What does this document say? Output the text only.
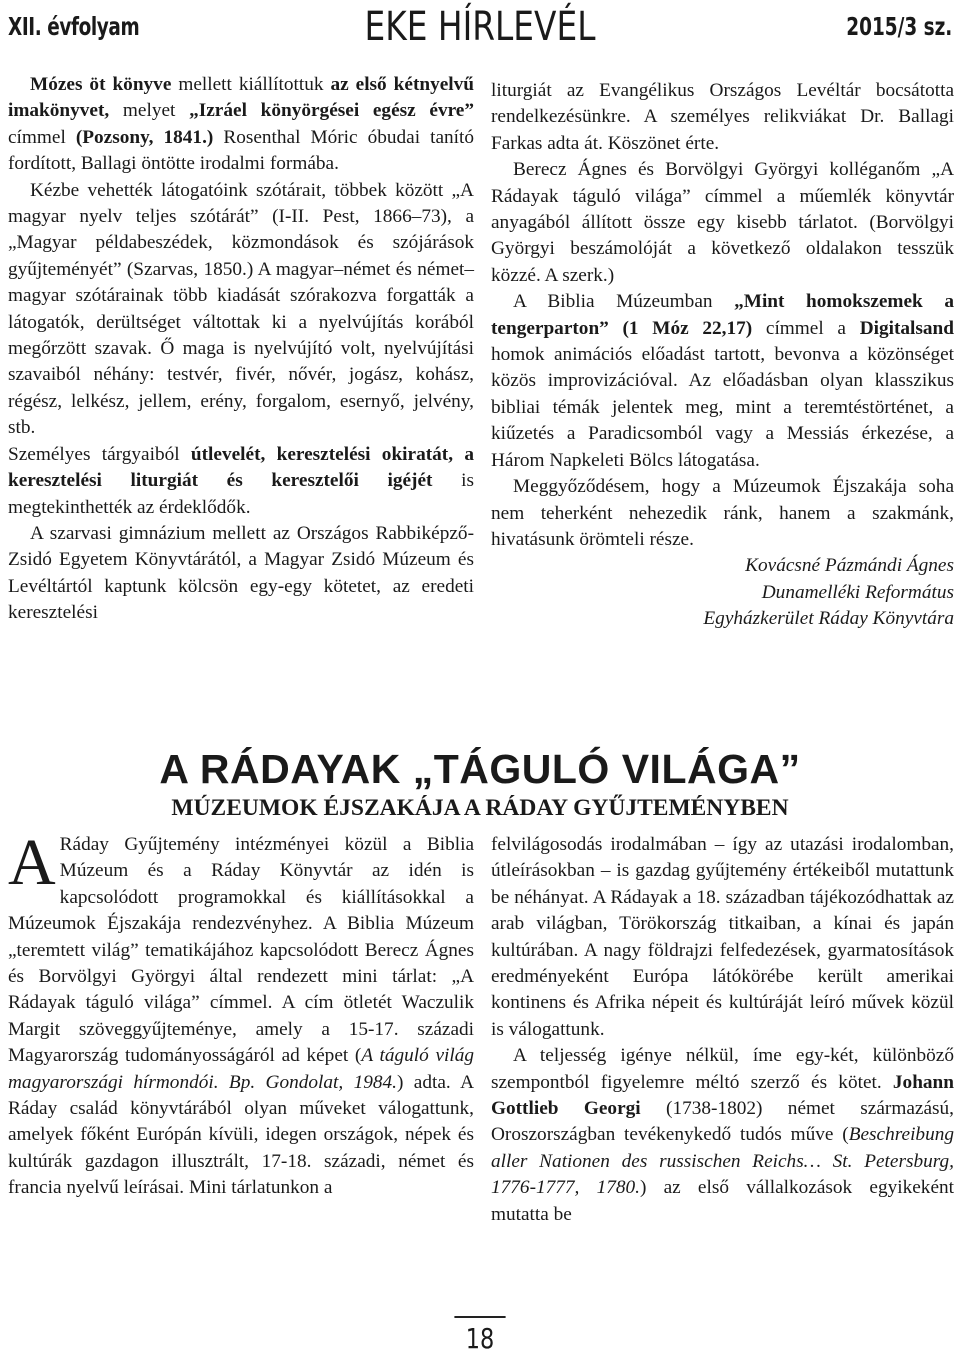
XII. évfolyam	EKE HÍRLEVÉL	2015/3 sz.

Mózes öt könyve mellett kiállítottuk az első kétnyelvű imakönyvet, melyet „Izráel könyörgései egész évre” címmel (Pozsony, 1841.) Rosenthal Móric óbudai tanító fordított, Ballagi öntötte irodalmi formába.

Kézbe vehették látogatóink szótárait, többek között „A magyar nyelv teljes szótárát” (I-II. Pest, 1866–73), a „Magyar példabeszédek, közmondások és szójárások gyűjteményét” (Szarvas, 1850.) A magyar–német és német–magyar szótárainak több kiadását szórakozva forgatták a látogatók, derültséget váltottak ki a nyelvújítás korából megőrzött szavak. Ő maga is nyelvújító volt, nyelvújítási szavaiból néhány: testvér, fivér, nővér, jogász, kohász, régész, lelkész, jellem, erény, forgalom, esernyő, jelvény, stb.

Személyes tárgyaiból útlevelét, keresztelési okiratát, a keresztelési liturgiát és keresztelői igéjét is megtekinthették az érdeklődők.

A szarvasi gimnázium mellett az Országos Rabbiképző-Zsidó Egyetem Könyvtárától, a Magyar Zsidó Múzeum és Levéltártól kaptunk kölcsön egy-egy kötetet, az eredeti keresztelési

liturgiát az Evangélikus Országos Levéltár bocsátotta rendelkezésünkre. A személyes relikviákat Dr. Ballagi Farkas adta át. Köszönet érte.

Berecz Ágnes és Borvölgyi Györgyi kolléganőm „A Rádayak táguló világa” címmel a műemlék könyvtár anyagából állított össze egy kisebb tárlatot. (Borvölgyi Györgyi beszámolóját a következő oldalakon tesszük közzé. A szerk.)

A Biblia Múzeumban „Mint homokszemek a tengerparton” (1 Móz 22,17) címmel a Digitalsand homok animációs előadást tartott, bevonva a közönséget közös improvizációval. Az előadásban olyan klasszikus bibliai témák jelentek meg, mint a teremtéstörténet, a kiűzetés a Paradicsomból vagy a Messiás érkezése, a Három Napkeleti Bölcs látogatása.

Meggyőződésem, hogy a Múzeumok Éjszakája soha nem teherként nehezedik ránk, hanem a szakmánk, hivatásunk örömteli része.

Kovácsné Pázmándi Ágnes

Dunamelléki Református

Egyházkerület Ráday Könyvtára

A RÁDAYAK „TÁGULÓ VILÁGA”
MÚZEUMOK ÉJSZAKÁJA A RÁDAY GYŰJTEMÉNYBEN

A Ráday Gyűjtemény intézményei közül a Biblia Múzeum és a Ráday Könyvtár az idén is kapcsolódott programokkal és kiállításokkal a Múzeumok Éjszakája rendezvényhez. A Biblia Múzeum „teremtett világ” tematikájához kapcsolódott Berecz Ágnes és Borvölgyi Györgyi által rendezett mini tárlat: „A Rádayak táguló világa” címmel. A cím ötletét Waczulik Margit szöveggyűjteménye, amely a 15-17. századi Magyarország tudományosságáról ad képet (A táguló világ magyarországi hírmondói. Bp. Gondolat, 1984.) adta. A Ráday család könyvtárából olyan műveket válogattunk, amelyek főként Európán kívüli, idegen országok, népek és kultúrák gazdagon illusztrált, 17-18. századi, német és francia nyelvű leírásai. Mini tárlatunkon a

felvilágosodás irodalmában – így az utazási irodalomban, útleírásokban – is gazdag gyűjtemény értékeiből mutattunk be néhányat. A Rádayak a 18. században tájékozódhattak az arab világban, Törökország titkaiban, a kínai és japán kultúrában. A nagy földrajzi felfedezések, gyarmatosítások eredményeként Európa látókörébe került amerikai kontinens és Afrika népeit és kultúráját leíró művek közül is válogattunk.

A teljesség igénye nélkül, íme egy-két, különböző szempontból figyelemre méltó szerző és kötet. Johann Gottlieb Georgi (1738-1802) német származású, Oroszországban tevékenykedő tudós műve (Beschreibung aller Nationen des russischen Reichs… St. Petersburg, 1776-1777, 1780.) az első vállalkozások egyikeként mutatta be

18
